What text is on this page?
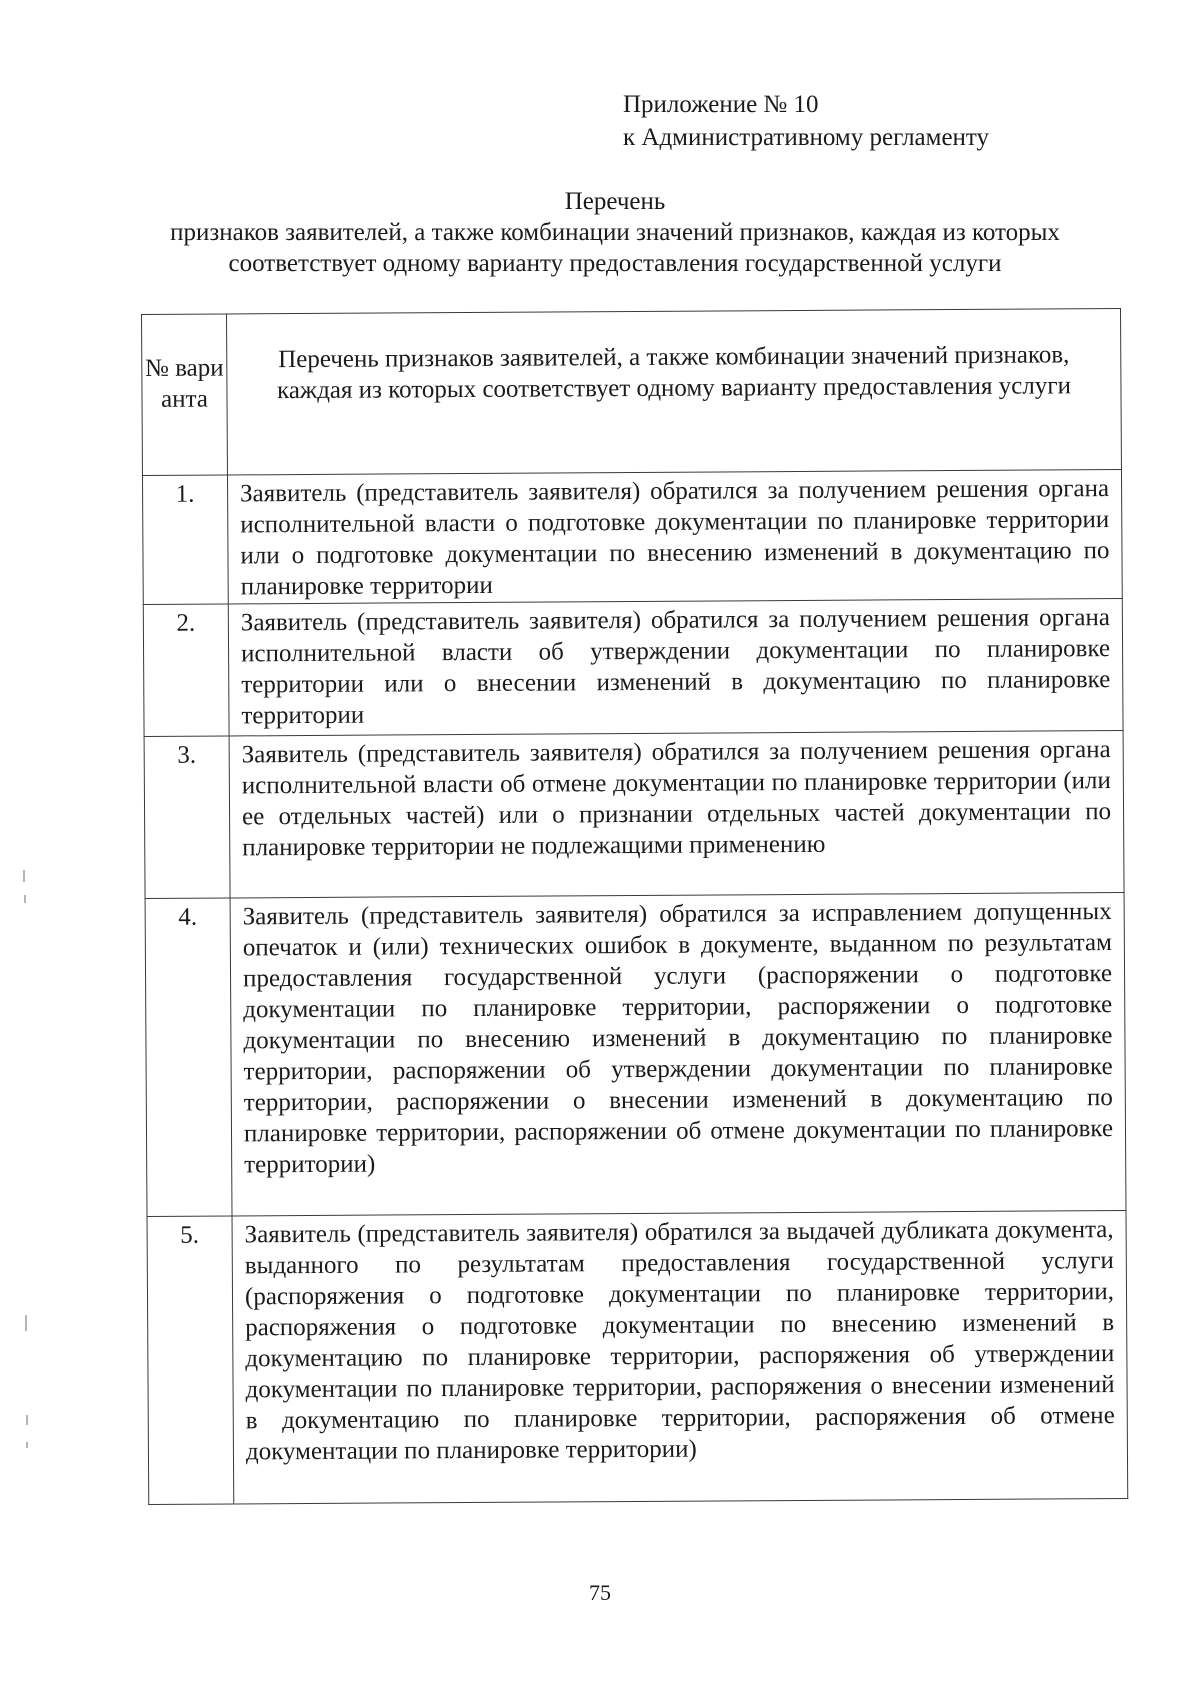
Приложение № 10
к Административному регламенту
Перечень
признаков заявителей, а также комбинации значений признаков, каждая из которых
соответствует одному варианту предоставления государственной услуги
№ вари анта	Перечень признаков заявителей, а также комбинации значений признаков, каждая из которых соответствует одному варианту предоставления услуги
1.	Заявитель (представитель заявителя) обратился за получением решения органа исполнительной власти о подготовке документации по планировке территории или о подготовке документации по внесению изменений в документацию по планировке территории
2.	Заявитель (представитель заявителя) обратился за получением решения органа исполнительной власти об утверждении документации по планировке территории или о внесении изменений в документацию по планировке территории
3.	Заявитель (представитель заявителя) обратился за получением решения органа исполнительной власти об отмене документации по планировке территории (или ее отдельных частей) или о признании отдельных частей документации по планировке территории не подлежащими применению
4.	Заявитель (представитель заявителя) обратился за исправлением допущенных опечаток и (или) технических ошибок в документе, выданном по результатам предоставления государственной услуги (распоряжении о подготовке документации по планировке территории, распоряжении о подготовке документации по внесению изменений в документацию по планировке территории, распоряжении об утверждении документации по планировке территории, распоряжении о внесении изменений в документацию по планировке территории, распоряжении об отмене документации по планировке территории)
5.	Заявитель (представитель заявителя) обратился за выдачей дубликата документа, выданного по результатам предоставления государственной услуги (распоряжения о подготовке документации по планировке территории, распоряжения о подготовке документации по внесению изменений в документацию по планировке территории, распоряжения об утверждении документации по планировке территории, распоряжения о внесении изменений в документацию по планировке территории, распоряжения об отмене документации по планировке территории)
75
